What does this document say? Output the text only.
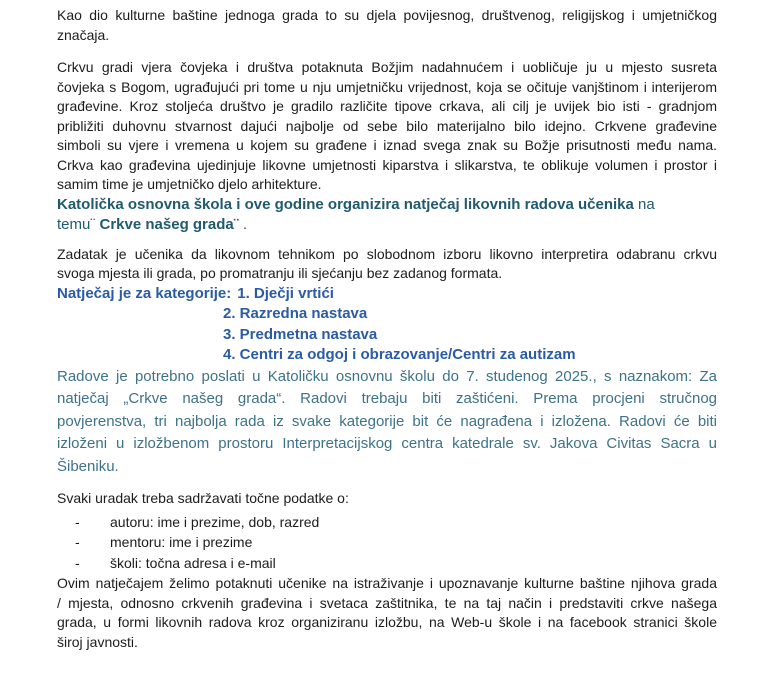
Kao dio kulturne baštine jednoga grada to su djela povijesnog, društvenog, religijskog i umjetničkog
značaja.
Crkvu gradi vjera čovjeka i društva potaknuta Božjim nadahnućem i uobličuje ju u mjesto susreta
čovjeka s Bogom, ugrađujući pri tome u nju umjetničku vrijednost, koja se očituje vanjštinom i interijerom
građevine. Kroz stoljeća društvo je gradilo različite tipove crkava, ali cilj je uvijek bio isti - gradnjom
približiti duhovnu stvarnost dajući najbolje od sebe bilo materijalno bilo idejno. Crkvene građevine
simboli su vjere i vremena u kojem su građene i iznad svega znak su Božje prisutnosti među nama.
Crkva kao građevina ujedinjuje likovne umjetnosti kiparstva i slikarstva, te oblikuje volumen i prostor i
samim time je umjetničko djelo arhitekture.
Katolička osnovna škola i ove godine organizira natječaj likovnih radova učenika na
temu¨ Crkve našeg grada¨ .
Zadatak je učenika da likovnom tehnikom po slobodnom izboru likovno interpretira odabranu crkvu
svoga mjesta ili grada, po promatranju ili sjećanju bez zadanog formata.
Natječaj je za kategorije: 1. Dječji vrtići
2. Razredna nastava
3. Predmetna nastava
4. Centri za odgoj i obrazovanje/Centri za autizam
Radove je potrebno poslati u Katoličku osnovnu školu do 7. studenog 2025., s naznakom: Za
natječaj „Crkve našeg grada“. Radovi trebaju biti zaštićeni. Prema procjeni stručnog
povjerenstva, tri najbolja rada iz svake kategorije bit će nagrađena i izložena. Radovi će biti
izloženi u izložbenom prostoru Interpretacijskog centra katedrale sv. Jakova Civitas Sacra u
Šibeniku.
Svaki uradak treba sadržavati točne podatke o:
-	autoru: ime i prezime, dob, razred
-	mentoru: ime i prezime
-	školi: točna adresa i e-mail
Ovim natječajem želimo potaknuti učenike na istraživanje i upoznavanje kulturne baštine njihova grada
/ mjesta, odnosno crkvenih građevina i svetaca zaštitnika, te na taj način i predstaviti crkve našega
grada, u formi likovnih radova kroz organiziranu izložbu, na Web-u škole i na facebook stranici škole
široj javnosti.
